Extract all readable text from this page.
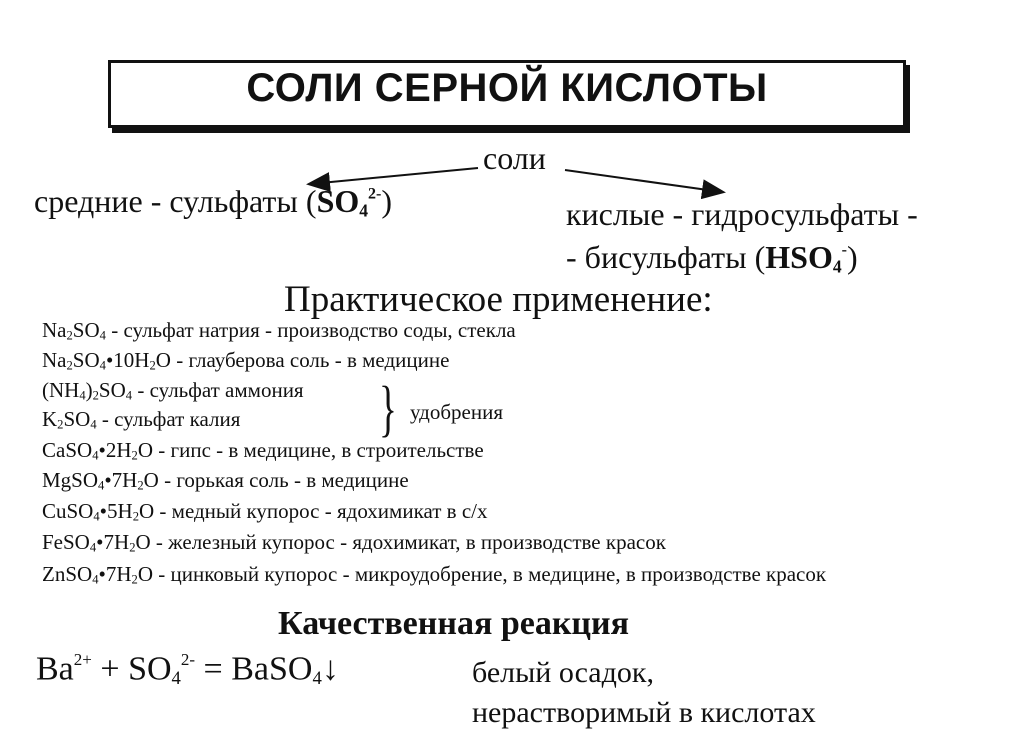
СОЛИ СЕРНОЙ КИСЛОТЫ
соли
средние - сульфаты $(SO_4^{2-})$	кислые - гидросульфаты -
- бисульфаты $(HSO_4^-)$
Практическое применение:
$Na_2SO_4$ - сульфат натрия - производство соды, стекла
$Na_2SO_4•10H_2O$ - глауберова соль - в медицине
$(NH_4)_2SO_4$ - сульфат аммония
$K_2SO_4$ - сульфат калия
$CaSO_4•2H_2O$ - гипс - в медицине, в строительстве
$MgSO_4•7H_2O$ - горькая соль - в медицине
$CuSO_4•5H_2O$ - медный купорос - ядохимикат в с/х
$FeSO_4•7H_2O$ - железный купорос - ядохимикат, в производстве красок
$ZnSO_4•7H_2O$ - цинковый купорос - микроудобрение, в медицине, в производстве красок
} удобрения
Качественная реакция
$Ba^{2+} + SO_4^{2-}$ = BaSO$_4$↓	белый осадок,
нерастворимый в кислотах
